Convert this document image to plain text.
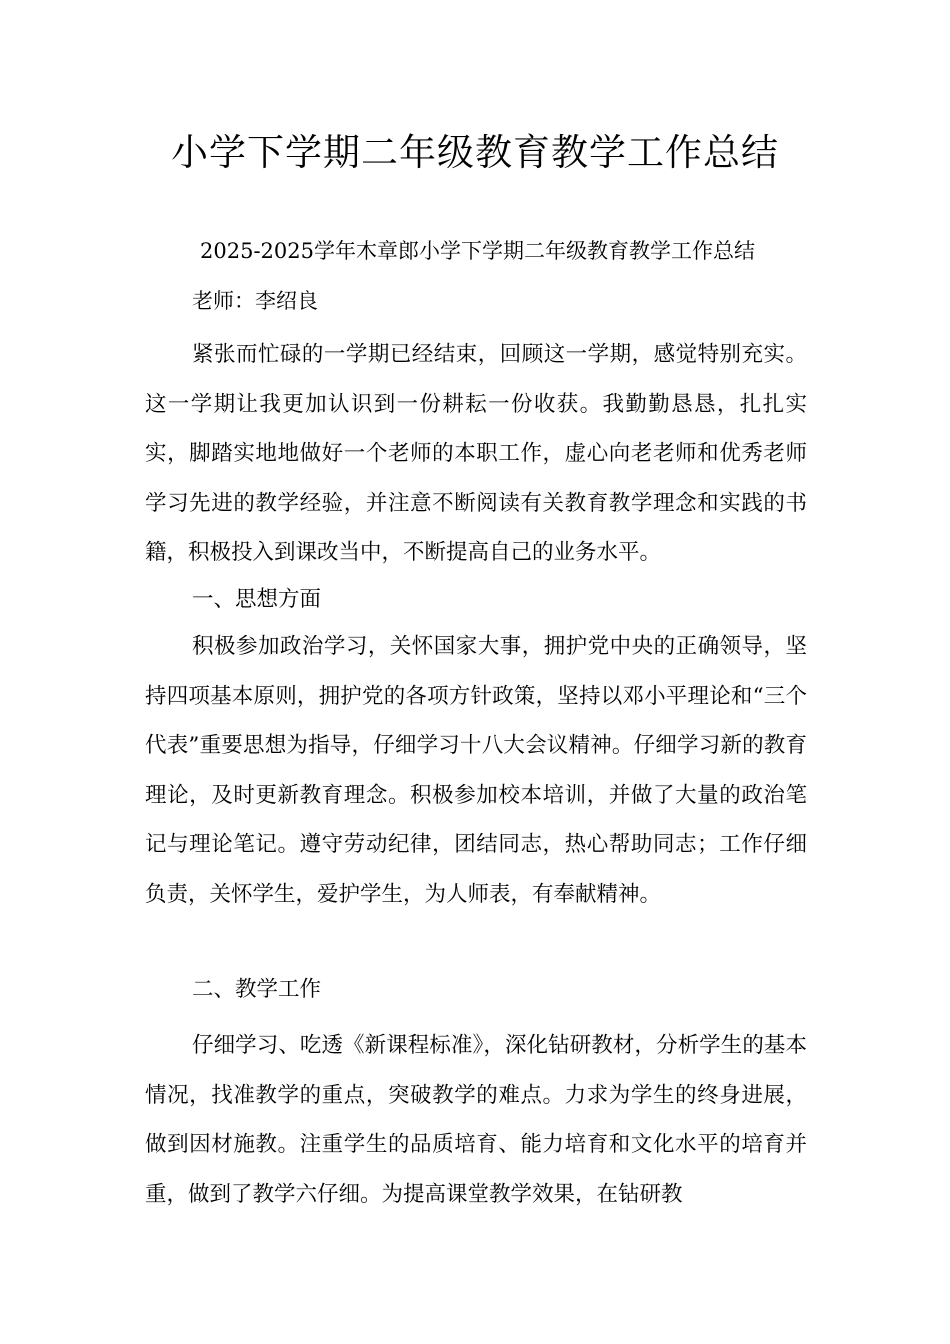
小学下学期二年级教育教学工作总结

2025-2025学年木章郎小学下学期二年级教育教学工作总结

老师：李绍良

紧张而忙碌的一学期已经结束，回顾这一学期，感觉特别充实。这一学期让我更加认识到一份耕耘一份收获。我勤勤恳恳，扎扎实实，脚踏实地地做好一个老师的本职工作，虚心向老老师和优秀老师学习先进的教学经验，并注意不断阅读有关教育教学理念和实践的书籍，积极投入到课改当中，不断提高自己的业务水平。

一、思想方面

积极参加政治学习，关怀国家大事，拥护党中央的正确领导，坚持四项基本原则，拥护党的各项方针政策，坚持以邓小平理论和“三个代表”重要思想为指导，仔细学习十八大会议精神。仔细学习新的教育理论，及时更新教育理念。积极参加校本培训，并做了大量的政治笔记与理论笔记。遵守劳动纪律，团结同志，热心帮助同志；工作仔细负责，关怀学生，爱护学生，为人师表，有奉献精神。

二、教学工作

仔细学习、吃透《新课程标准》，深化钻研教材，分析学生的基本情况，找准教学的重点，突破教学的难点。力求为学生的终身进展，做到因材施教。注重学生的品质培育、能力培育和文化水平的培育并重，做到了教学六仔细。为提高课堂教学效果，在钻研教
